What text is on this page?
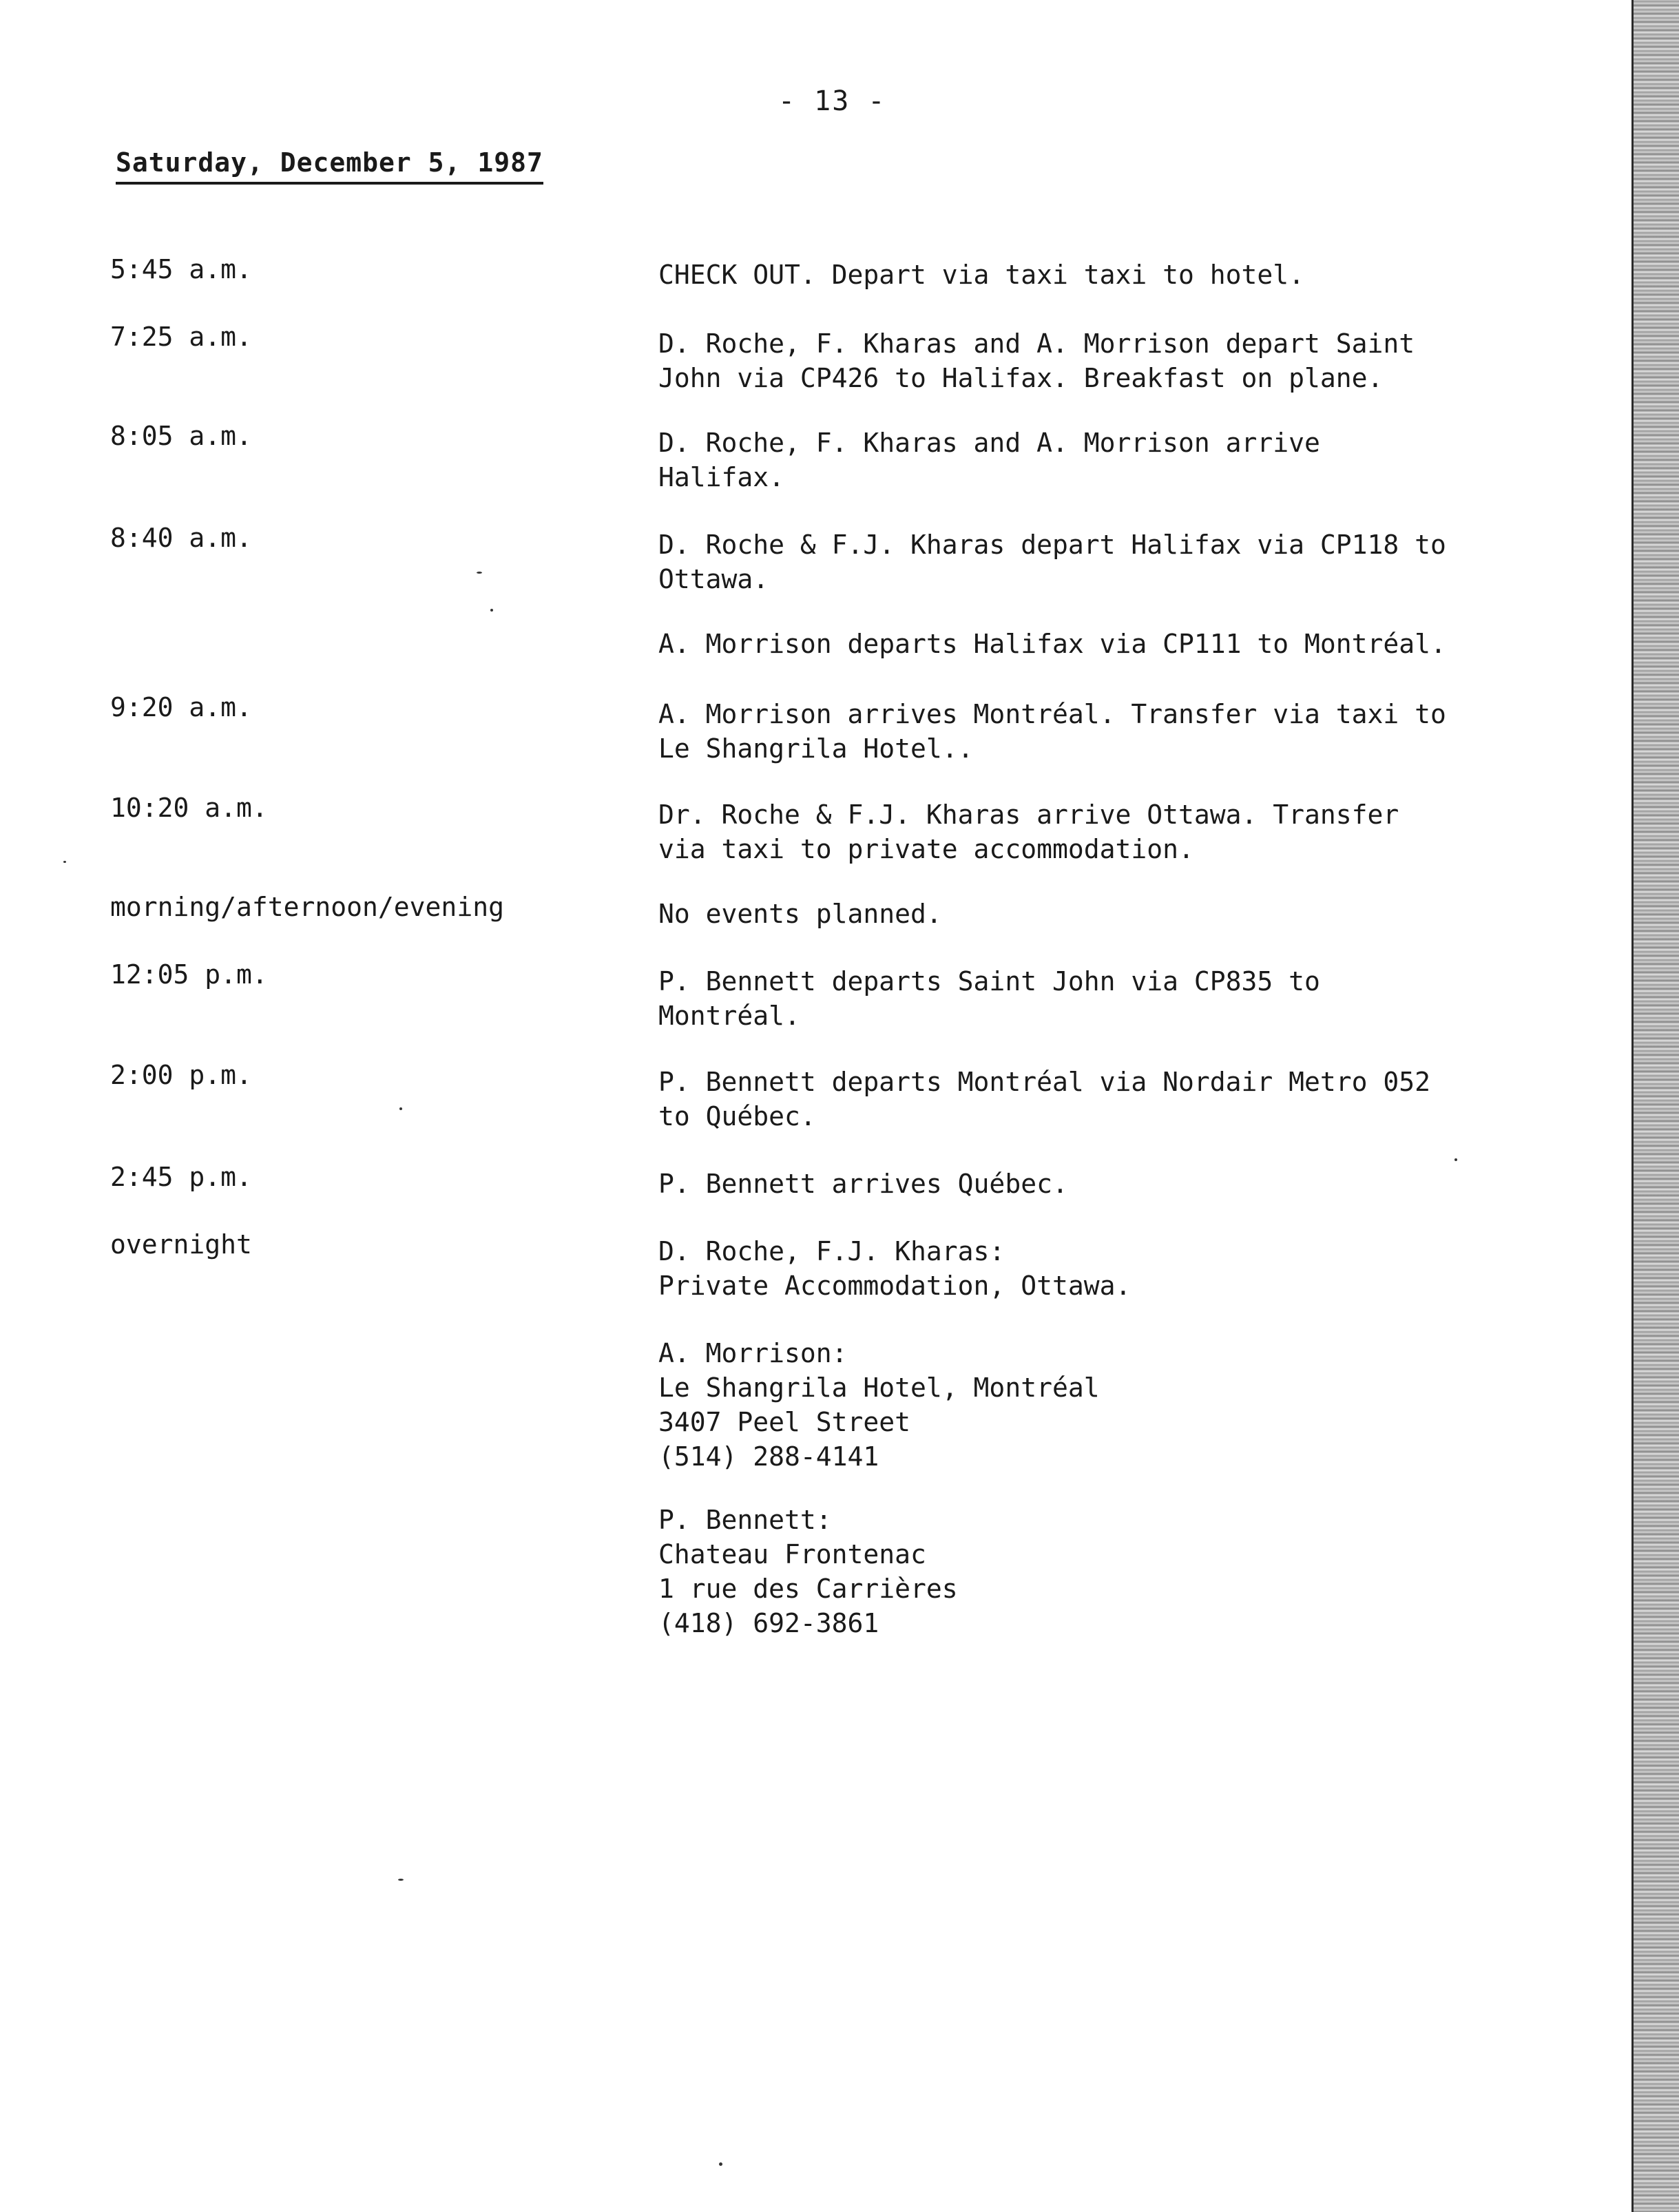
- 13 -
Saturday, December 5, 1987
5:45 a.m.	CHECK OUT. Depart via taxi taxi to hotel.
7:25 a.m.	D. Roche, F. Kharas and A. Morrison depart Saint
John via CP426 to Halifax. Breakfast on plane.
8:05 a.m.	D. Roche, F. Kharas and A. Morrison arrive
Halifax.
8:40 a.m.	D. Roche & F.J. Kharas depart Halifax via CP118 to
Ottawa.
A. Morrison departs Halifax via CP111 to Montréal.
9:20 a.m.	A. Morrison arrives Montréal. Transfer via taxi to
Le Shangrila Hotel..
10:20 a.m.	Dr. Roche & F.J. Kharas arrive Ottawa. Transfer
via taxi to private accommodation.
morning/afternoon/evening	No events planned.
12:05 p.m.	P. Bennett departs Saint John via CP835 to
Montréal.
2:00 p.m.	P. Bennett departs Montréal via Nordair Metro 052
to Québec.
2:45 p.m.	P. Bennett arrives Québec.
overnight	D. Roche, F.J. Kharas:
Private Accommodation, Ottawa.
A. Morrison:
Le Shangrila Hotel, Montréal
3407 Peel Street
(514) 288-4141
P. Bennett:
Chateau Frontenac
1 rue des Carrières
(418) 692-3861
